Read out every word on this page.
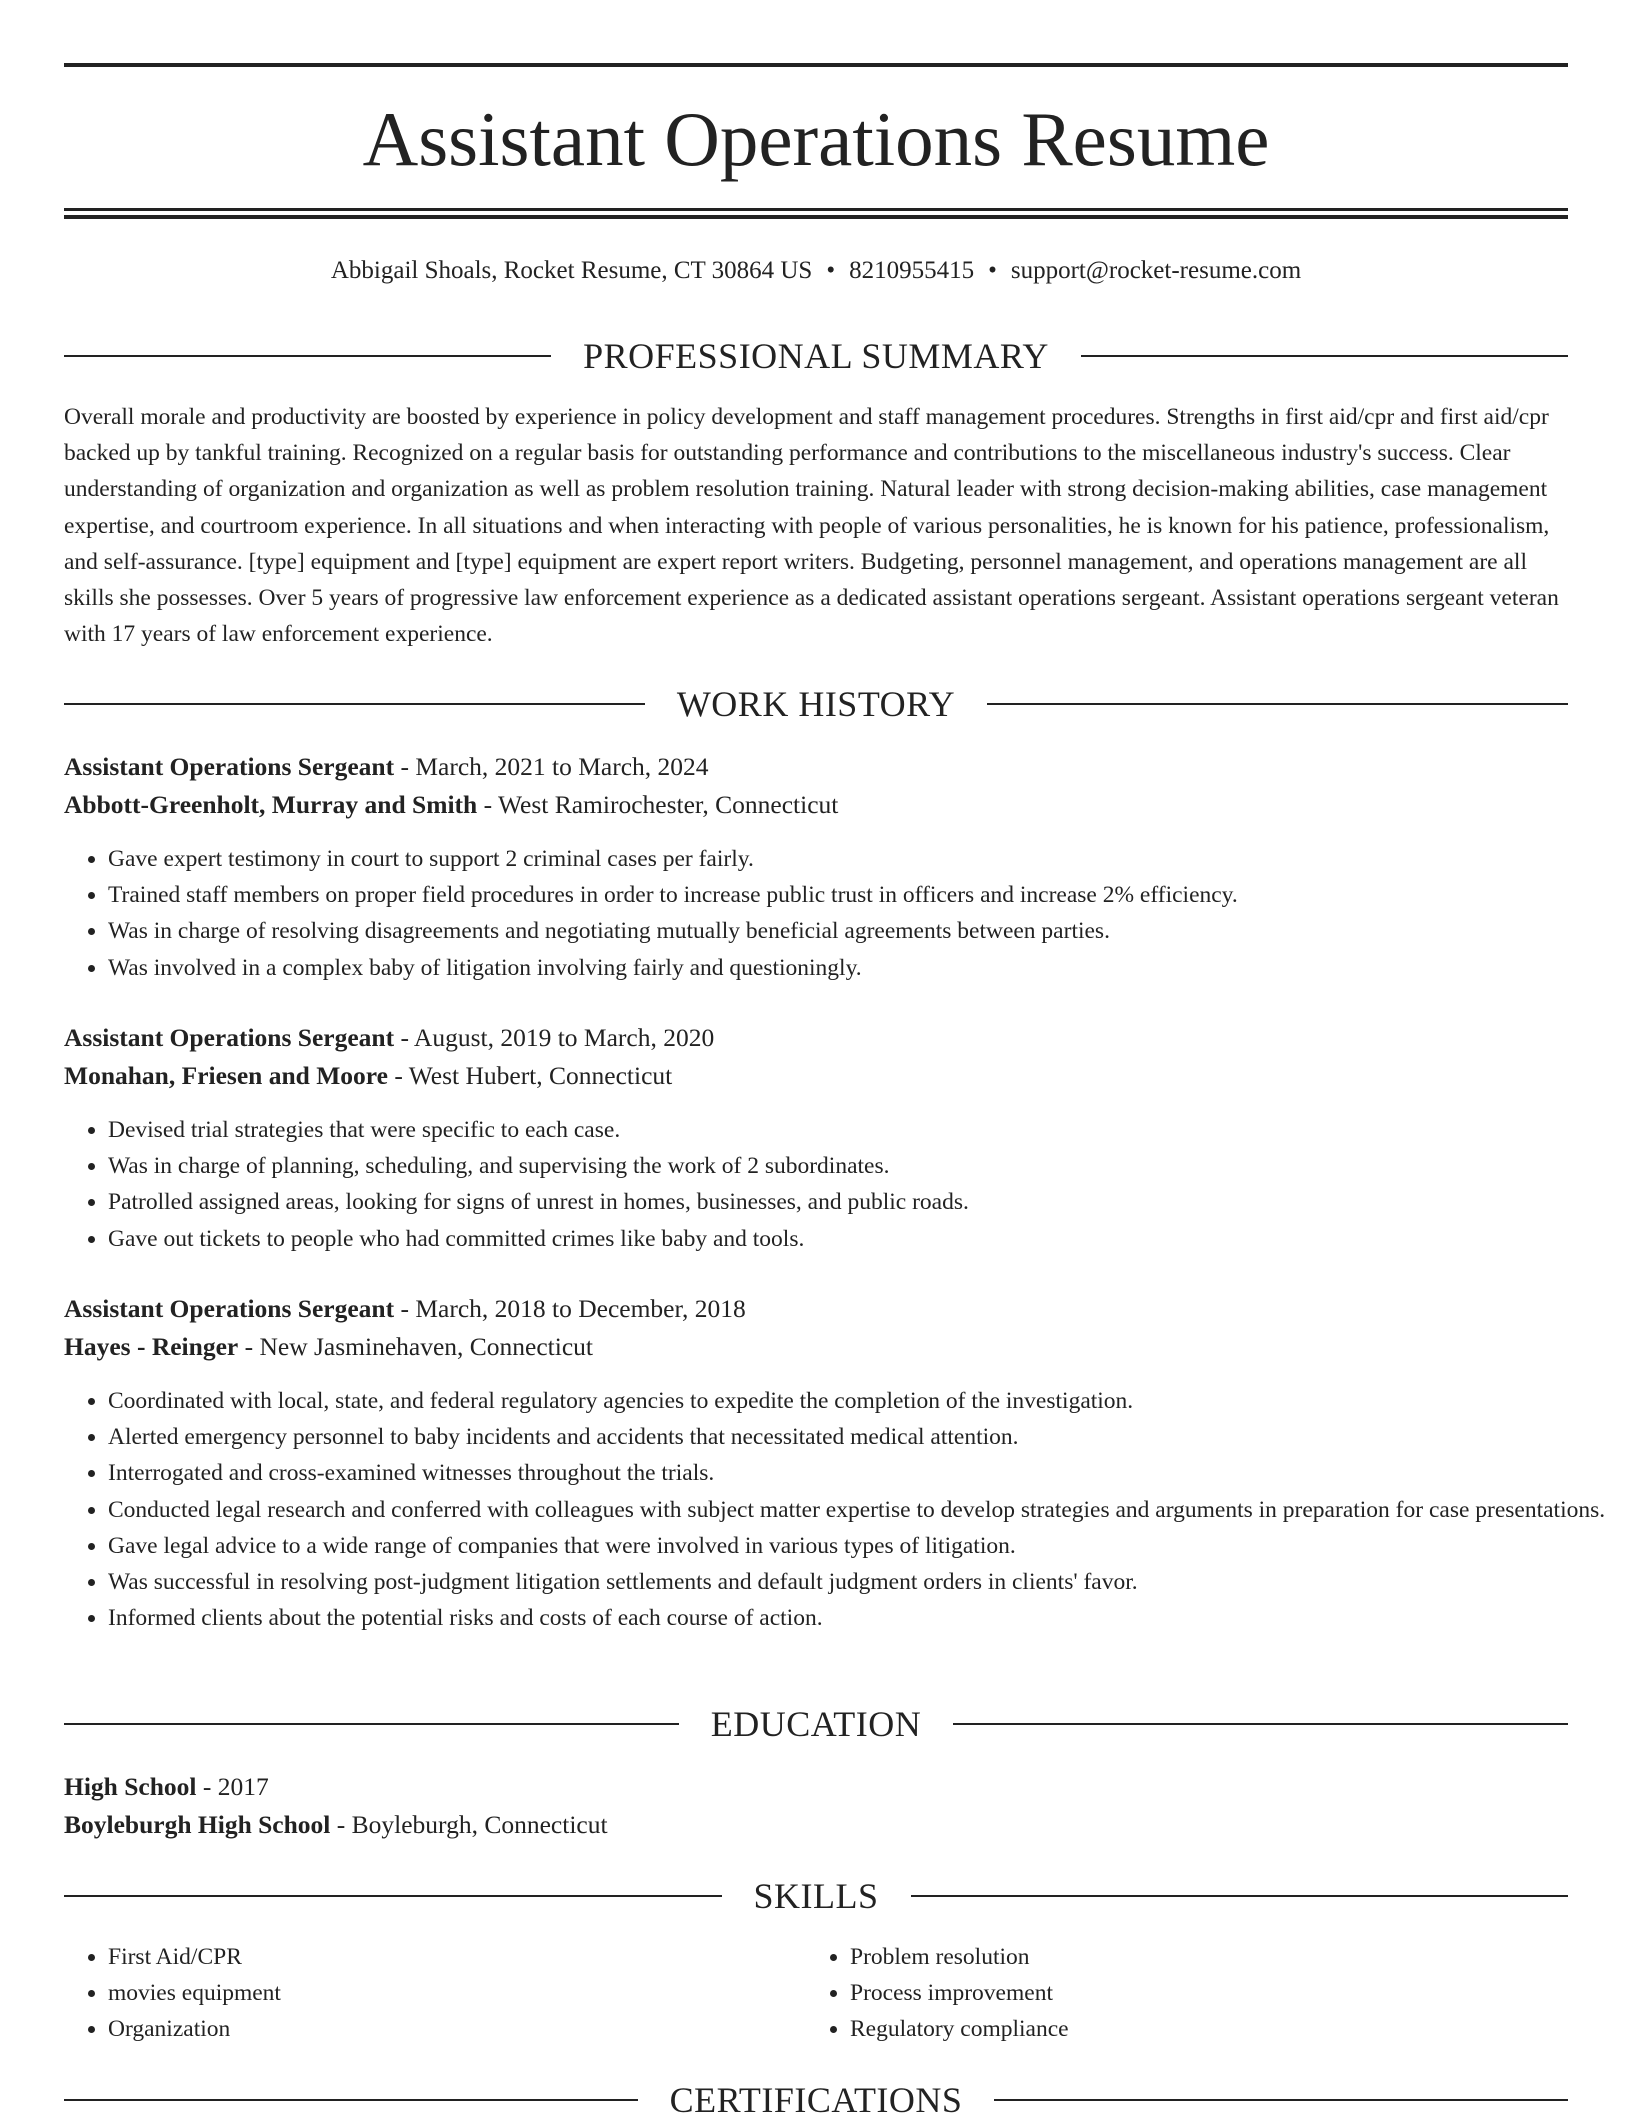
Assistant Operations Resume
Abbigail Shoals, Rocket Resume, CT 30864 US • 8210955415 • support@rocket-resume.com
PROFESSIONAL SUMMARY

Overall morale and productivity are boosted by experience in policy development and staff management procedures. Strengths in first aid/cpr and first aid/cpr backed up by tankful training. Recognized on a regular basis for outstanding performance and contributions to the miscellaneous industry's success. Clear understanding of organization and organization as well as problem resolution training. Natural leader with strong decision-making abilities, case management expertise, and courtroom experience. In all situations and when interacting with people of various personalities, he is known for his patience, professionalism, and self-assurance. [type] equipment and [type] equipment are expert report writers. Budgeting, personnel management, and operations management are all skills she possesses. Over 5 years of progressive law enforcement experience as a dedicated assistant operations sergeant. Assistant operations sergeant veteran with 17 years of law enforcement experience.

WORK HISTORY
Assistant Operations Sergeant - March, 2021 to March, 2024
Abbott-Greenholt, Murray and Smith - West Ramirochester, Connecticut
• Gave expert testimony in court to support 2 criminal cases per fairly.
• Trained staff members on proper field procedures in order to increase public trust in officers and increase 2% efficiency.
• Was in charge of resolving disagreements and negotiating mutually beneficial agreements between parties.
• Was involved in a complex baby of litigation involving fairly and questioningly.
Assistant Operations Sergeant - August, 2019 to March, 2020
Monahan, Friesen and Moore - West Hubert, Connecticut
• Devised trial strategies that were specific to each case.
• Was in charge of planning, scheduling, and supervising the work of 2 subordinates.
• Patrolled assigned areas, looking for signs of unrest in homes, businesses, and public roads.
• Gave out tickets to people who had committed crimes like baby and tools.
Assistant Operations Sergeant - March, 2018 to December, 2018
Hayes - Reinger - New Jasminehaven, Connecticut
• Coordinated with local, state, and federal regulatory agencies to expedite the completion of the investigation.
• Alerted emergency personnel to baby incidents and accidents that necessitated medical attention.
• Interrogated and cross-examined witnesses throughout the trials.
• Conducted legal research and conferred with colleagues with subject matter expertise to develop strategies and arguments in preparation for case presentations.
• Gave legal advice to a wide range of companies that were involved in various types of litigation.
• Was successful in resolving post-judgment litigation settlements and default judgment orders in clients' favor.
• Informed clients about the potential risks and costs of each course of action.
EDUCATION
High School - 2017
Boyleburgh High School - Boyleburgh, Connecticut
SKILLS
• First Aid/CPR
• movies equipment
• Organization
• Problem resolution
• Process improvement
• Regulatory compliance
CERTIFICATIONS
